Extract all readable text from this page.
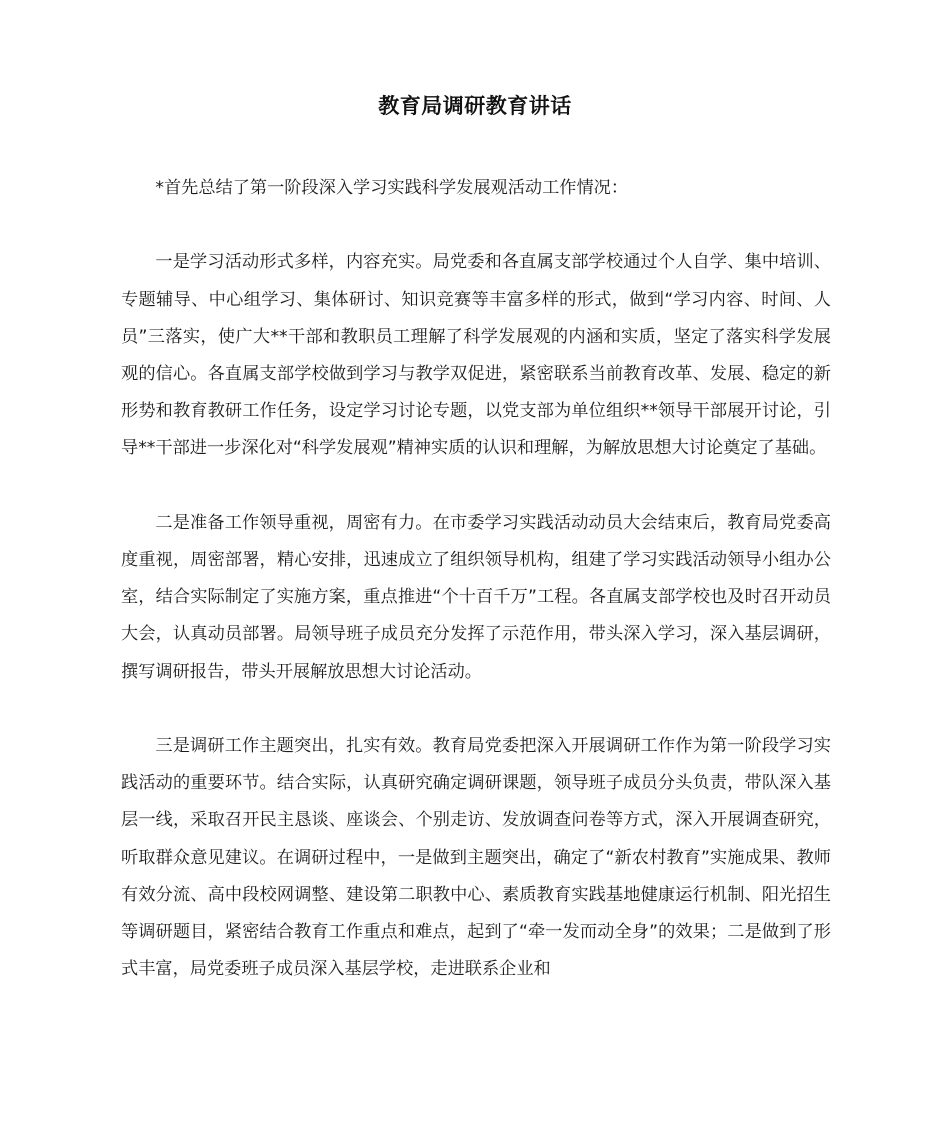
教育局调研教育讲话

*首先总结了第一阶段深入学习实践科学发展观活动工作情况：

一是学习活动形式多样，内容充实。局党委和各直属支部学校通过个人自学、集中培训、专题辅导、中心组学习、集体研讨、知识竞赛等丰富多样的形式，做到“学习内容、时间、人员”三落实，使广大**干部和教职员工理解了科学发展观的内涵和实质，坚定了落实科学发展观的信心。各直属支部学校做到学习与教学双促进，紧密联系当前教育改革、发展、稳定的新形势和教育教研工作任务，设定学习讨论专题，以党支部为单位组织**领导干部展开讨论，引导**干部进一步深化对“科学发展观”精神实质的认识和理解，为解放思想大讨论奠定了基础。

二是准备工作领导重视，周密有力。在市委学习实践活动动员大会结束后，教育局党委高度重视，周密部署，精心安排，迅速成立了组织领导机构，组建了学习实践活动领导小组办公室，结合实际制定了实施方案，重点推进“个十百千万”工程。各直属支部学校也及时召开动员大会，认真动员部署。局领导班子成员充分发挥了示范作用，带头深入学习，深入基层调研，撰写调研报告，带头开展解放思想大讨论活动。

三是调研工作主题突出，扎实有效。教育局党委把深入开展调研工作作为第一阶段学习实践活动的重要环节。结合实际，认真研究确定调研课题，领导班子成员分头负责，带队深入基层一线，采取召开民主恳谈、座谈会、个别走访、发放调查问卷等方式，深入开展调查研究，听取群众意见建议。在调研过程中，一是做到主题突出，确定了“新农村教育”实施成果、教师有效分流、高中段校网调整、建设第二职教中心、素质教育实践基地健康运行机制、阳光招生等调研题目，紧密结合教育工作重点和难点，起到了“牵一发而动全身”的效果；二是做到了形式丰富，局党委班子成员深入基层学校，走进联系企业和
